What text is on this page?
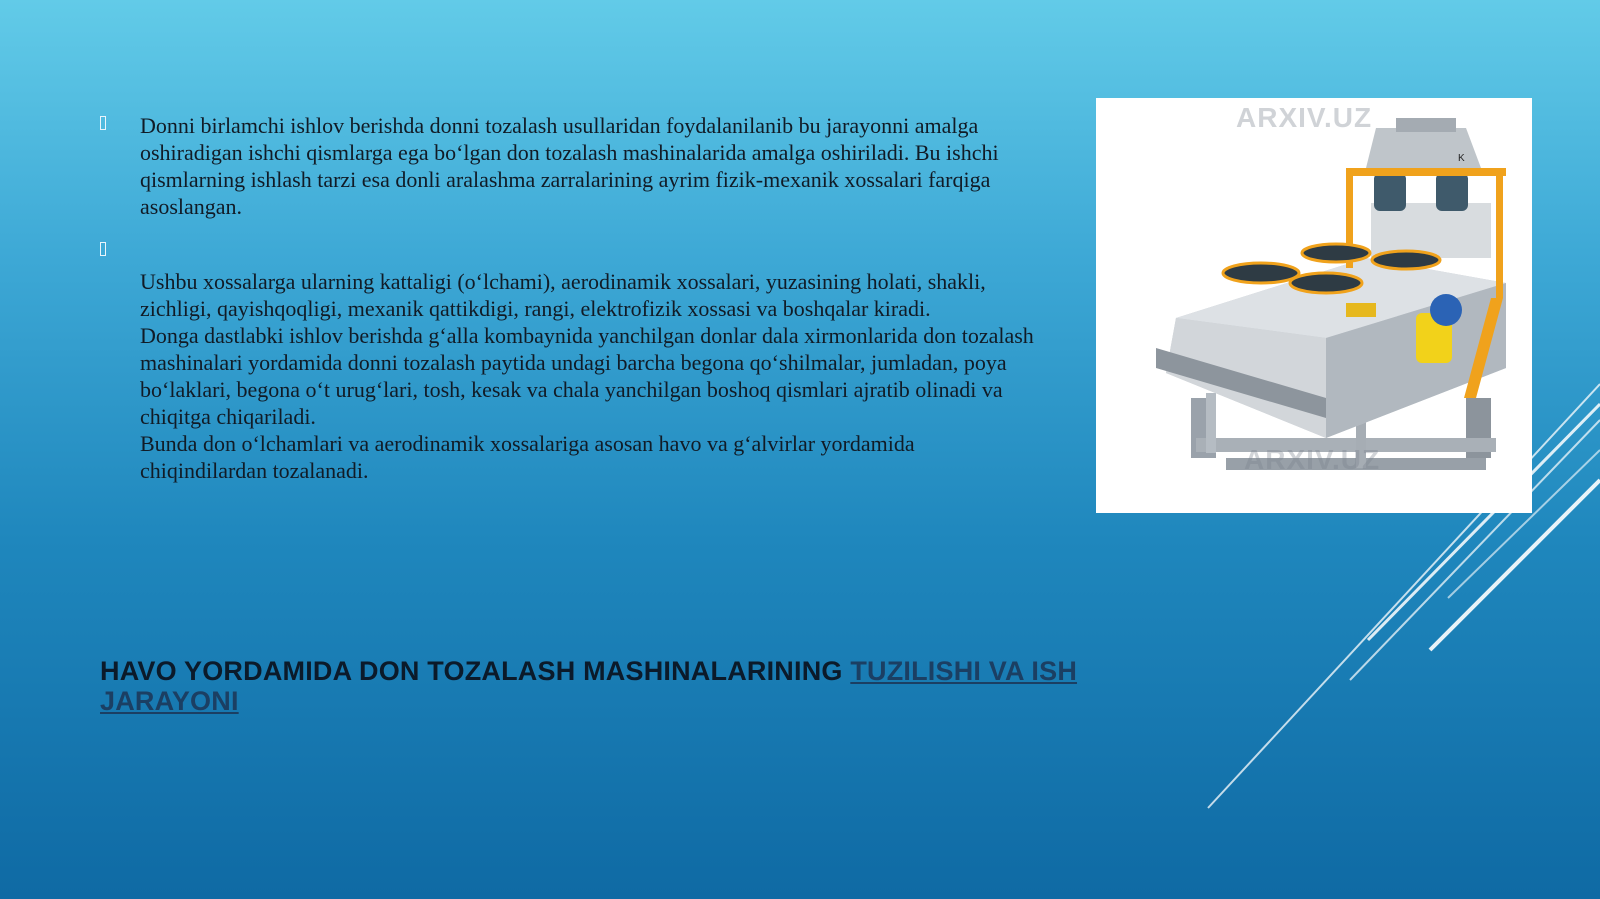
Donni birlamchi ishlov berishda donni tozalash usullaridan foydalanilanib bu jarayonni amalga oshiradigan ishchi qismlarga ega bo‘lgan don tozalash mashinalarida amalga oshiriladi. Bu ishchi qismlarning ishlash tarzi esa donli aralashma zarralarining ayrim fizik-mexanik xossalari farqiga asoslangan.
Ushbu xossalarga ularning kattaligi (o‘lchami), aerodinamik xossalari, yuzasining holati, shakli, zichligi, qayishqoqligi, mexanik qattikdigi, rangi, elektrofizik xossasi va boshqalar kiradi.
Donga dastlabki ishlov berishda g‘alla kombaynida yanchilgan donlar dala xirmonlarida don tozalash mashinalari yordamida donni tozalash paytida undagi barcha begona qo‘shilmalar, jumladan, poya bo‘laklari, begona o‘t urug‘lari, tosh, kesak va chala yanchilgan boshoq qismlari ajratib olinadi va chiqitga chiqariladi.
Bunda don o‘lchamlari va aerodinamik xossalariga asosan havo va g‘alvirlar yordamida chiqindilardan tozalanadi.
K
ARXIV.UZ
ARXIV.UZ
HAVO YORDAMIDA DON TOZALASH MASHINALARINING TUZILISHI VA ISH JARAYONI
